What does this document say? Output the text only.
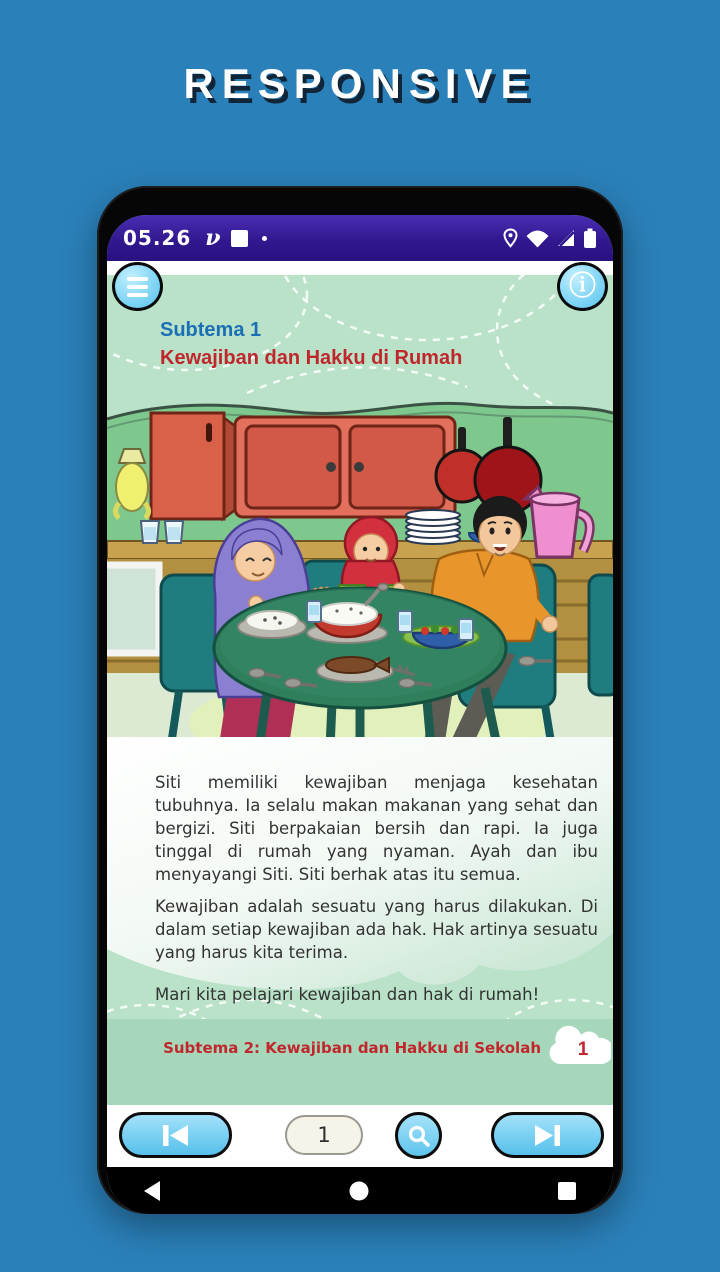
RESPONSIVE
05.26 ν
ⓘ
Subtema 1
Kewajiban dan Hakku di Rumah

Siti memiliki kewajiban menjaga kesehatan tubuhnya. Ia selalu makan makanan yang sehat dan bergizi. Siti berpakaian bersih dan rapi. Ia juga tinggal di rumah yang nyaman. Ayah dan ibu menyayangi Siti. Siti berhak atas itu semua.

Kewajiban adalah sesuatu yang harus dilakukan. Di dalam setiap kewajiban ada hak. Hak artinya sesuatu yang harus kita terima.

Mari kita pelajari kewajiban dan hak di rumah!

Subtema 2: Kewajiban dan Hakku di Sekolah 1
1
